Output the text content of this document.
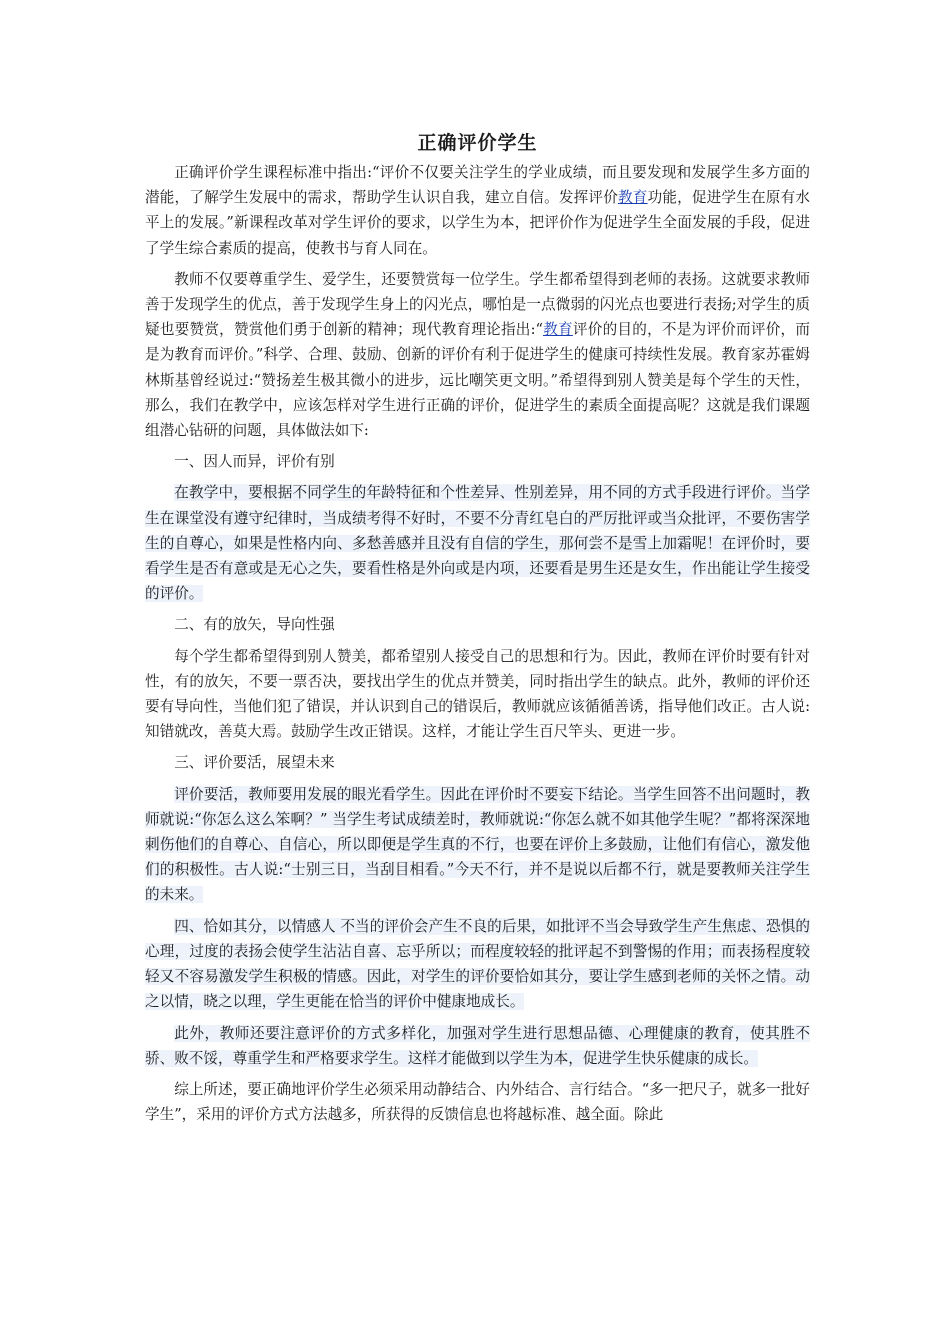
正确评价学生

正确评价学生课程标准中指出:“评价不仅要关注学生的学业成绩，而且要发现和发展学生多方面的潜能，了解学生发展中的需求，帮助学生认识自我，建立自信。发挥评价教育功能，促进学生在原有水平上的发展。”新课程改革对学生评价的要求，以学生为本，把评价作为促进学生全面发展的手段，促进了学生综合素质的提高，使教书与育人同在。

教师不仅要尊重学生、爱学生，还要赞赏每一位学生。学生都希望得到老师的表扬。这就要求教师善于发现学生的优点，善于发现学生身上的闪光点，哪怕是一点微弱的闪光点也要进行表扬;对学生的质疑也要赞赏，赞赏他们勇于创新的精神；现代教育理论指出:“教育评价的目的，不是为评价而评价，而是为教育而评价。”科学、合理、鼓励、创新的评价有利于促进学生的健康可持续性发展。教育家苏霍姆林斯基曾经说过:“赞扬差生极其微小的进步，远比嘲笑更文明。”希望得到别人赞美是每个学生的天性，那么，我们在教学中，应该怎样对学生进行正确的评价，促进学生的素质全面提高呢？这就是我们课题组潜心钻研的问题，具体做法如下:

一、因人而异，评价有别

在教学中，要根据不同学生的年龄特征和个性差异、性别差异，用不同的方式手段进行评价。当学生在课堂没有遵守纪律时，当成绩考得不好时，不要不分青红皂白的严厉批评或当众批评，不要伤害学生的自尊心，如果是性格内向、多愁善感并且没有自信的学生，那何尝不是雪上加霜呢！在评价时，要看学生是否有意或是无心之失，要看性格是外向或是内项，还要看是男生还是女生，作出能让学生接受的评价。

二、有的放矢，导向性强

每个学生都希望得到别人赞美，都希望别人接受自己的思想和行为。因此，教师在评价时要有针对性，有的放矢，不要一票否决，要找出学生的优点并赞美，同时指出学生的缺点。此外，教师的评价还要有导向性，当他们犯了错误，并认识到自己的错误后，教师就应该循循善诱，指导他们改正。古人说:知错就改，善莫大焉。鼓励学生改正错误。这样，才能让学生百尺竿头、更进一步。

三、评价要活，展望未来

评价要活，教师要用发展的眼光看学生。因此在评价时不要妄下结论。当学生回答不出问题时，教师就说:“你怎么这么笨啊？” 当学生考试成绩差时，教师就说:“你怎么就不如其他学生呢？”都将深深地刺伤他们的自尊心、自信心，所以即便是学生真的不行，也要在评价上多鼓励，让他们有信心，激发他们的积极性。古人说:“士别三日，当刮目相看。”今天不行，并不是说以后都不行，就是要教师关注学生的未来。

四、恰如其分，以情感人 不当的评价会产生不良的后果，如批评不当会导致学生产生焦虑、恐惧的心理，过度的表扬会使学生沾沾自喜、忘乎所以；而程度较轻的批评起不到警惕的作用；而表扬程度较轻又不容易激发学生积极的情感。因此，对学生的评价要恰如其分，要让学生感到老师的关怀之情。动之以情，晓之以理，学生更能在恰当的评价中健康地成长。

此外，教师还要注意评价的方式多样化，加强对学生进行思想品德、心理健康的教育，使其胜不骄、败不馁，尊重学生和严格要求学生。这样才能做到以学生为本，促进学生快乐健康的成长。

综上所述，要正确地评价学生必须采用动静结合、内外结合、言行结合。“多一把尺子，就多一批好学生”，采用的评价方式方法越多，所获得的反馈信息也将越标准、越全面。除此
